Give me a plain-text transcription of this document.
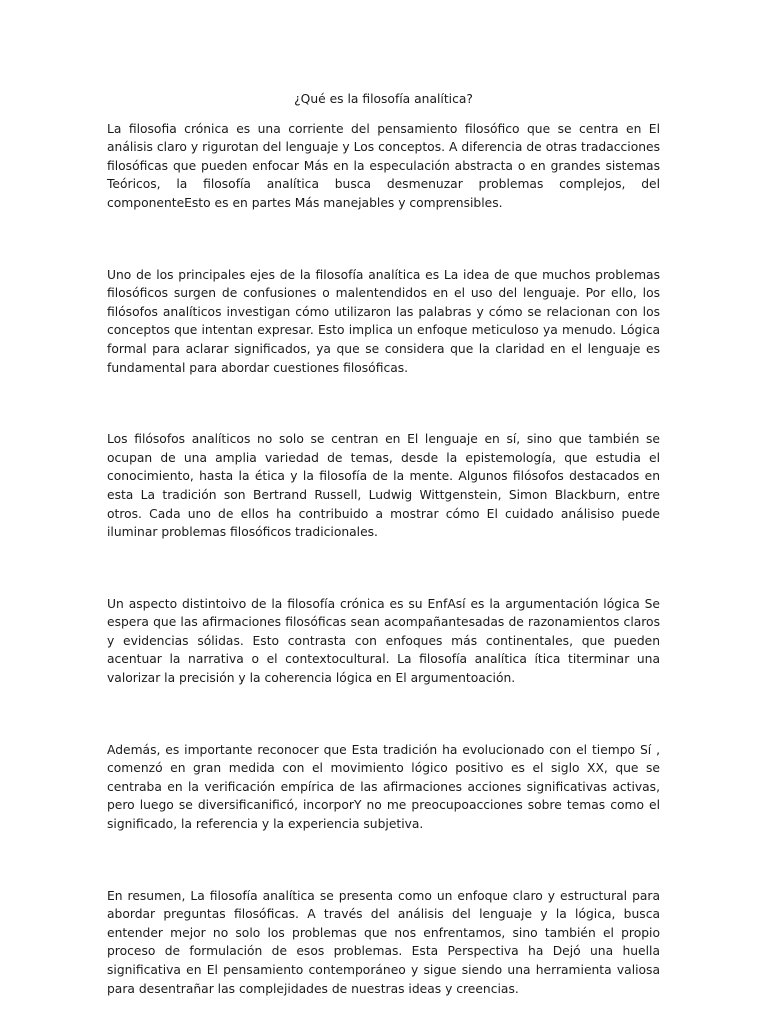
¿Qué es la filosofía analítica?

La filosofia crónica es una corriente del pensamiento filosófico que se centra en El análisis claro y rigurotan del lenguaje y Los conceptos. A diferencia de otras tradacciones filosóficas que pueden enfocar Más en la especulación abstracta o en grandes sistemas Teóricos, la filosofía analítica busca desmenuzar problemas complejos, del componenteEsto es en partes Más manejables y comprensibles.

Uno de los principales ejes de la filosofía analítica es La idea de que muchos problemas filosóficos surgen de confusiones o malentendidos en el uso del lenguaje. Por ello, los filósofos analíticos investigan cómo utilizaron las palabras y cómo se relacionan con los conceptos que intentan expresar. Esto implica un enfoque meticuloso ya menudo. Lógica formal para aclarar significados, ya que se considera que la claridad en el lenguaje es fundamental para abordar cuestiones filosóficas.

Los filósofos analíticos no solo se centran en El lenguaje en sí, sino que también se ocupan de una amplia variedad de temas, desde la epistemología, que estudia el conocimiento, hasta la ética y la filosofía de la mente. Algunos filósofos destacados en esta La tradición son Bertrand Russell, Ludwig Wittgenstein, Simon Blackburn, entre otros. Cada uno de ellos ha contribuido a mostrar cómo El cuidado análisiso puede iluminar problemas filosóficos tradicionales.

Un aspecto distintoivo de la filosofía crónica es su EnfAsí es la argumentación lógica Se espera que las afirmaciones filosóficas sean acompañantesadas de razonamientos claros y evidencias sólidas. Esto contrasta con enfoques más continentales, que pueden acentuar la narrativa o el contextocultural. La filosofía analítica ítica titerminar una valorizar la precisión y la coherencia lógica en El argumentoación.

Además, es importante reconocer que Esta tradición ha evolucionado con el tiempo Sí , comenzó en gran medida con el movimiento lógico positivo es el siglo XX, que se centraba en la verificación empírica de las afirmaciones acciones significativas activas, pero luego se diversificanificó, incorporY no me preocupoacciones sobre temas como el significado, la referencia y la experiencia subjetiva.

En resumen, La filosofía analítica se presenta como un enfoque claro y estructural para abordar preguntas filosóficas. A través del análisis del lenguaje y la lógica, busca entender mejor no solo los problemas que nos enfrentamos, sino también el propio proceso de formulación de esos problemas. Esta Perspectiva ha Dejó una huella significativa en El pensamiento contemporáneo y sigue siendo una herramienta valiosa para desentrañar las complejidades de nuestras ideas y creencias.
